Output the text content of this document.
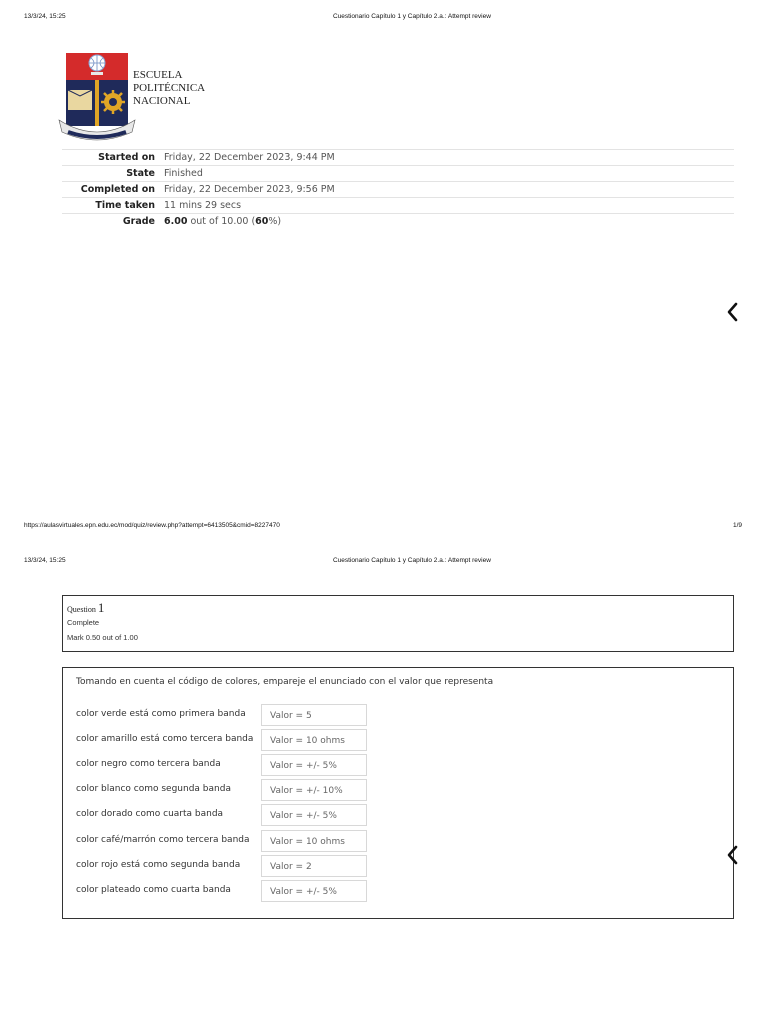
13/3/24, 15:25	Cuestionario Capítulo 1 y Capítulo 2.a.: Attempt review
ESCUELA
POLITÉCNICA
NACIONAL
Started on	Friday, 22 December 2023, 9:44 PM
State	Finished
Completed on	Friday, 22 December 2023, 9:56 PM
Time taken	11 mins 29 secs
Grade	6.00 out of 10.00 (60%)
https://aulasvirtuales.epn.edu.ec/mod/quiz/review.php?attempt=6413505&cmid=8227470	1/9
13/3/24, 15:25	Cuestionario Capítulo 1 y Capítulo 2.a.: Attempt review
Question 1
Complete
Mark 0.50 out of 1.00
Tomando en cuenta el código de colores, empareje el enunciado con el valor que representa
color verde está como primera banda	Valor = 5
color amarillo está como tercera banda	Valor = 10 ohms
color negro como tercera banda	Valor = +/- 5%
color blanco como segunda banda	Valor = +/- 10%
color dorado como cuarta banda	Valor = +/- 5%
color café/marrón como tercera banda	Valor = 10 ohms
color rojo está como segunda banda	Valor = 2
color plateado como cuarta banda	Valor = +/- 5%
